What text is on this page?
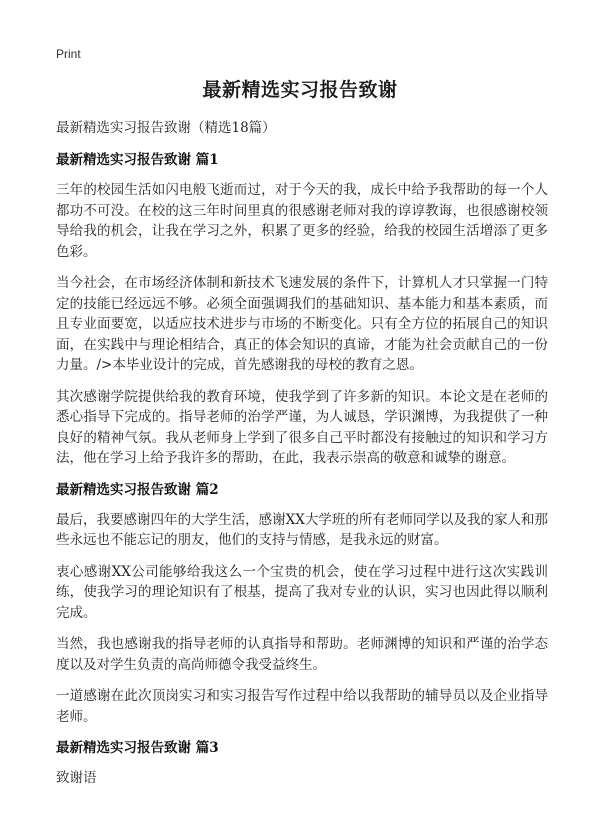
Print
最新精选实习报告致谢
最新精选实习报告致谢（精选18篇）
最新精选实习报告致谢 篇1

三年的校园生活如闪电般飞逝而过，对于今天的我，成长中给予我帮助的每一个人都功不可没。在校的这三年时间里真的很感谢老师对我的谆谆教诲，也很感谢校领导给我的机会，让我在学习之外，积累了更多的经验，给我的校园生活增添了更多色彩。

当今社会，在市场经济体制和新技术飞速发展的条件下，计算机人才只掌握一门特定的技能已经远远不够。必须全面强调我们的基础知识、基本能力和基本素质，而且专业面要宽，以适应技术进步与市场的不断变化。只有全方位的拓展自己的知识面，在实践中与理论相结合，真正的体会知识的真谛，才能为社会贡献自己的一份力量。/>本毕业设计的完成，首先感谢我的母校的教育之恩。

其次感谢学院提供给我的教育环境，使我学到了许多新的知识。本论文是在老师的悉心指导下完成的。指导老师的治学严谨，为人诚恳，学识渊博，为我提供了一种良好的精神气氛。我从老师身上学到了很多自己平时都没有接触过的知识和学习方法，他在学习上给予我许多的帮助，在此，我表示崇高的敬意和诚挚的谢意。

最新精选实习报告致谢 篇2

最后，我要感谢四年的大学生活，感谢XX大学班的所有老师同学以及我的家人和那些永远也不能忘记的朋友，他们的支持与情感，是我永远的财富。

衷心感谢XX公司能够给我这么一个宝贵的机会，使在学习过程中进行这次实践训练，使我学习的理论知识有了根基，提高了我对专业的认识，实习也因此得以顺利完成。

当然，我也感谢我的指导老师的认真指导和帮助。老师渊博的知识和严谨的治学态度以及对学生负责的高尚师德令我受益终生。

一道感谢在此次顶岗实习和实习报告写作过程中给以我帮助的辅导员以及企业指导老师。

最新精选实习报告致谢 篇3

致谢语
